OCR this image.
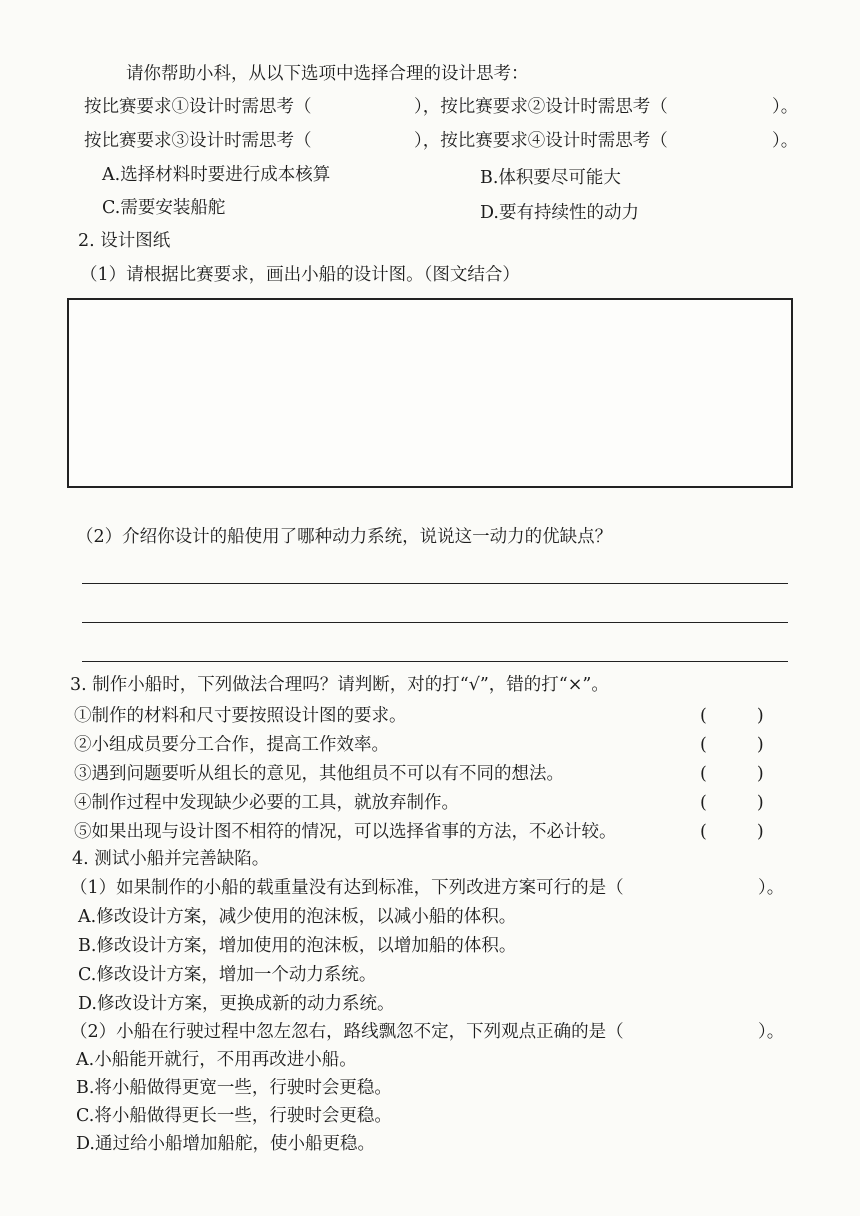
请你帮助小科，从以下选项中选择合理的设计思考：
按比赛要求①设计时需思考（	），按比赛要求②设计时需思考（	）。
按比赛要求③设计时需思考（	），按比赛要求④设计时需思考（	）。
A.选择材料时要进行成本核算	B.体积要尽可能大
C.需要安装船舵	D.要有持续性的动力
2. 设计图纸
（1）请根据比赛要求，画出小船的设计图。（图文结合）
（2）介绍你设计的船使用了哪种动力系统，说说这一动力的优缺点？
3. 制作小船时，下列做法合理吗？请判断，对的打“√”，错的打“×”。
①制作的材料和尺寸要按照设计图的要求。	(	)
②小组成员要分工合作，提高工作效率。	(	)
③遇到问题要听从组长的意见，其他组员不可以有不同的想法。	(	)
④制作过程中发现缺少必要的工具，就放弃制作。	(	)
⑤如果出现与设计图不相符的情况，可以选择省事的方法，不必计较。	(	)
4. 测试小船并完善缺陷。
（1）如果制作的小船的载重量没有达到标准，下列改进方案可行的是（	）。
A.修改设计方案，减少使用的泡沫板，以减小船的体积。
B.修改设计方案，增加使用的泡沫板，以增加船的体积。
C.修改设计方案，增加一个动力系统。
D.修改设计方案，更换成新的动力系统。
（2）小船在行驶过程中忽左忽右，路线飘忽不定，下列观点正确的是（	）。
A.小船能开就行，不用再改进小船。
B.将小船做得更宽一些，行驶时会更稳。
C.将小船做得更长一些，行驶时会更稳。
D.通过给小船增加船舵，使小船更稳。
